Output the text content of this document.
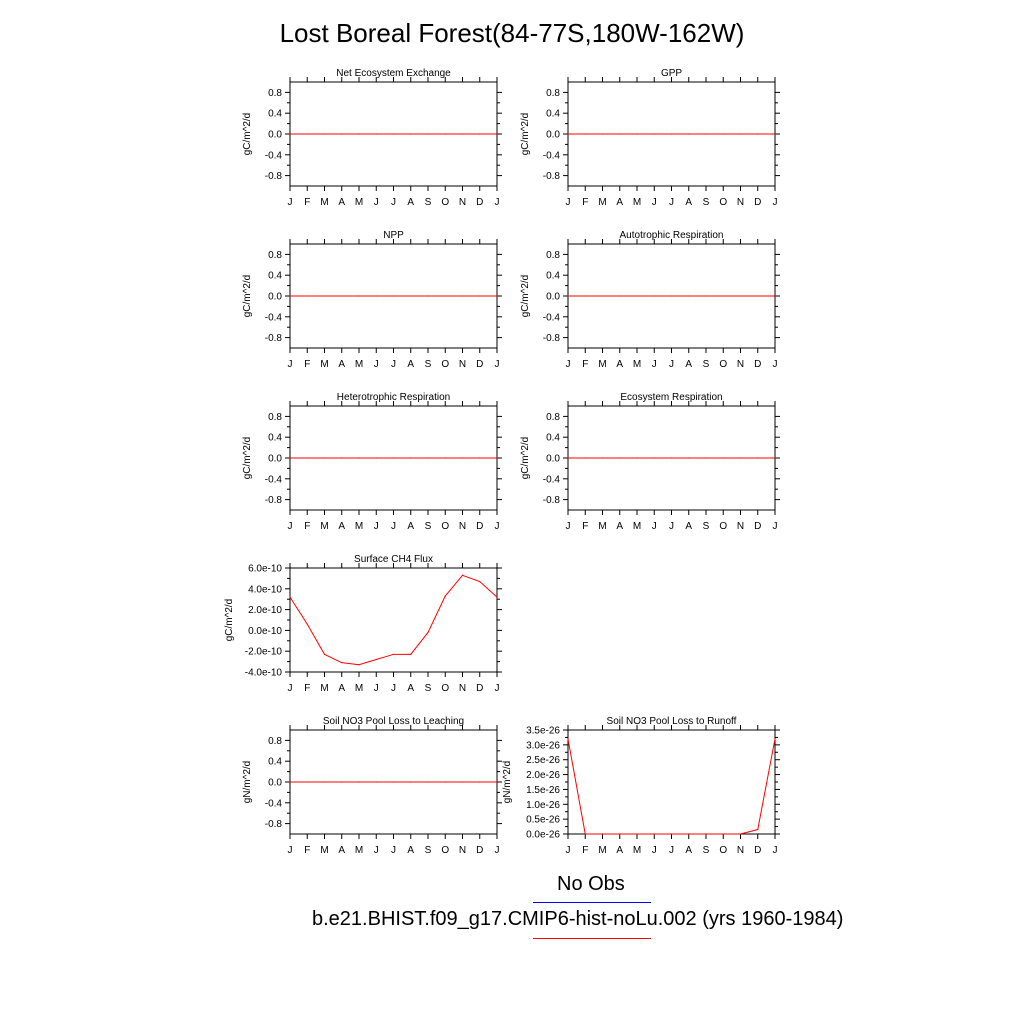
Lost Boreal Forest(84-77S,180W-162W)
Net Ecosystem Exchange
0.8
0.4
0.0
-0.4
-0.8
gC/m^2/d
J F M A M J J A S O N D J
GPP
0.8
0.4
0.0
-0.4
-0.8
gC/m^2/d
J F M A M J J A S O N D J
NPP
0.8
0.4
0.0
-0.4
-0.8
gC/m^2/d
J F M A M J J A S O N D J
Autotrophic Respiration
0.8
0.4
0.0
-0.4
-0.8
gC/m^2/d
J F M A M J J A S O N D J
Heterotrophic Respiration
0.8
0.4
0.0
-0.4
-0.8
gC/m^2/d
J F M A M J J A S O N D J
Ecosystem Respiration
0.8
0.4
0.0
-0.4
-0.8
gC/m^2/d
J F M A M J J A S O N D J
Surface CH4 Flux
6.0e-10
4.0e-10
2.0e-10
0.0e-10
-2.0e-10
-4.0e-10
gC/m^2/d
J F M A M J J A S O N D J
Soil NO3 Pool Loss to Leaching
0.8
0.4
0.0
-0.4
-0.8
gN/m^2/d
J F M A M J J A S O N D J
Soil NO3 Pool Loss to Runoff
3.5e-26
3.0e-26
2.5e-26
2.0e-26
1.5e-26
1.0e-26
0.5e-26
0.0e-26
gN/m^2/d
J F M A M J J A S O N D J
No Obs
b.e21.BHIST.f09_g17.CMIP6-hist-noLu.002 (yrs 1960-1984)
